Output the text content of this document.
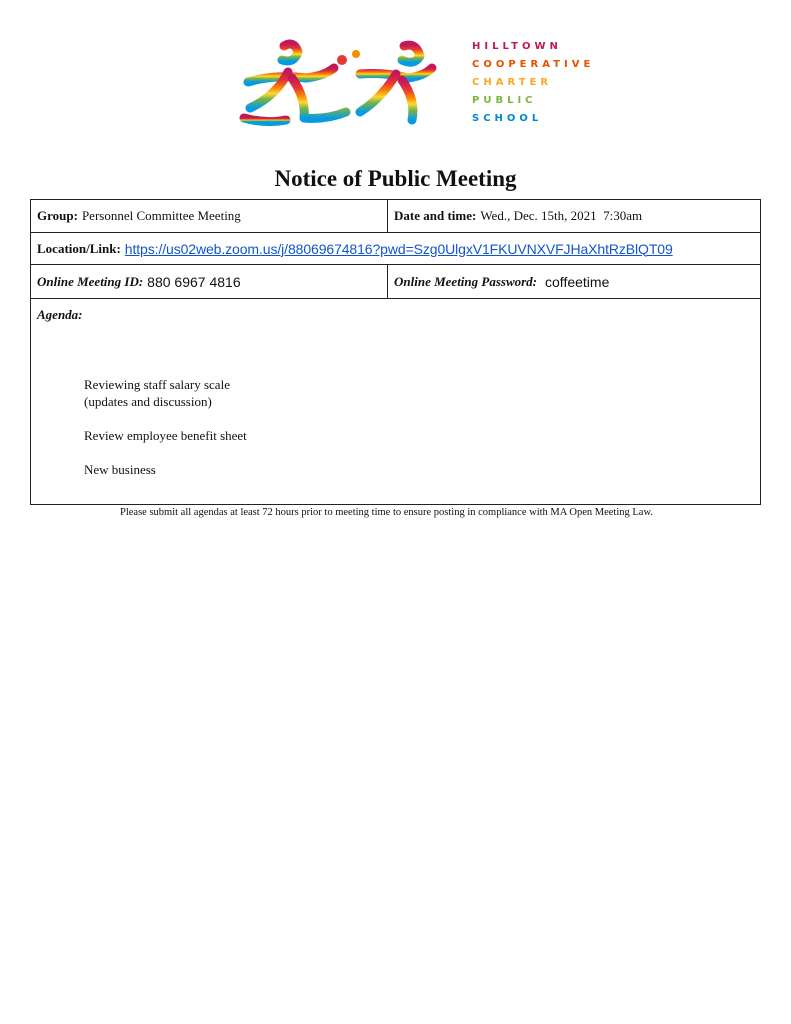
HILLTOWN
COOPERATIVE
CHARTER
PUBLIC
SCHOOL
Notice of Public Meeting
Group: Personnel Committee Meeting	Date and time: Wed., Dec. 15th, 2021  7:30am
Location/Link: https://us02web.zoom.us/j/88069674816?pwd=Szg0UlgxV1FKUVNXVFJHaXhtRzBlQT09
Online Meeting ID: 880 6967 4816	Online Meeting Password: coffeetime
Agenda:
Reviewing staff salary scale
(updates and discussion)
Review employee benefit sheet
New business
Please submit all agendas at least 72 hours prior to meeting time to ensure posting in compliance with MA Open Meeting Law.
